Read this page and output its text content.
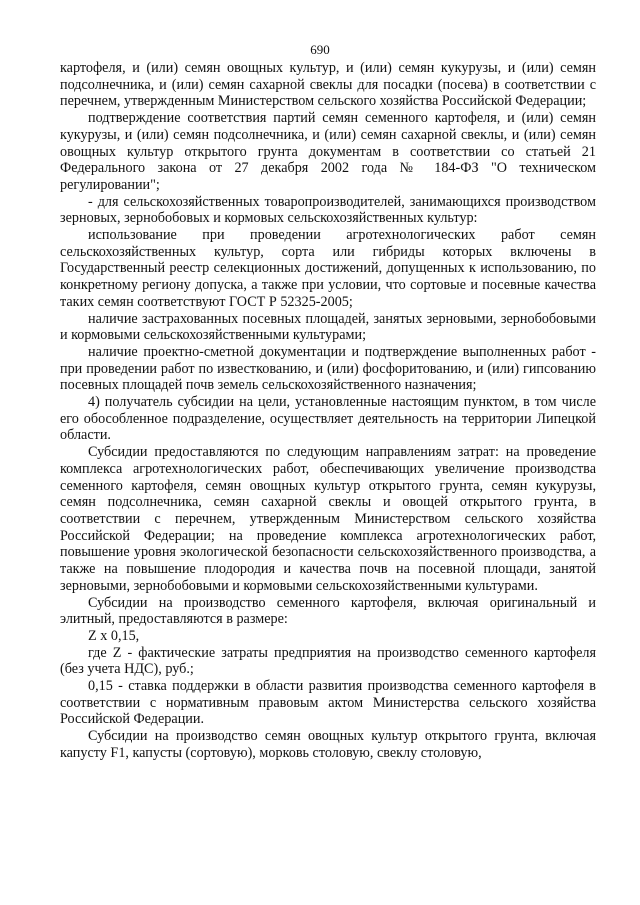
690

картофеля, и (или) семян овощных культур, и (или) семян кукурузы, и (или) семян подсолнечника, и (или) семян сахарной свеклы для посадки (посева) в соответствии с перечнем, утвержденным Министерством сельского хозяйства Российской Федерации;

подтверждение соответствия партий семян семенного картофеля, и (или) семян кукурузы, и (или) семян подсолнечника, и (или) семян сахарной свеклы, и (или) семян овощных культур открытого грунта документам в соответствии со статьей 21 Федерального закона от 27 декабря 2002 года № 184-ФЗ "О техническом регулировании";

- для сельскохозяйственных товаропроизводителей, занимающихся производством зерновых, зернобобовых и кормовых сельскохозяйственных культур:

использование при проведении агротехнологических работ семян сельскохозяйственных культур, сорта или гибриды которых включены в Государственный реестр селекционных достижений, допущенных к использованию, по конкретному региону допуска, а также при условии, что сортовые и посевные качества таких семян соответствуют ГОСТ Р 52325-2005;

наличие застрахованных посевных площадей, занятых зерновыми, зернобобовыми и кормовыми сельскохозяйственными культурами;

наличие проектно-сметной документации и подтверждение выполненных работ - при проведении работ по известкованию, и (или) фосфоритованию, и (или) гипсованию посевных площадей почв земель сельскохозяйственного назначения;

4) получатель субсидии на цели, установленные настоящим пунктом, в том числе его обособленное подразделение, осуществляет деятельность на территории Липецкой области.

Субсидии предоставляются по следующим направлениям затрат: на проведение комплекса агротехнологических работ, обеспечивающих увеличение производства семенного картофеля, семян овощных культур открытого грунта, семян кукурузы, семян подсолнечника, семян сахарной свеклы и овощей открытого грунта, в соответствии с перечнем, утвержденным Министерством сельского хозяйства Российской Федерации; на проведение комплекса агротехнологических работ, повышение уровня экологической безопасности сельскохозяйственного производства, а также на повышение плодородия и качества почв на посевной площади, занятой зерновыми, зернобобовыми и кормовыми сельскохозяйственными культурами.

Субсидии на производство семенного картофеля, включая оригинальный и элитный, предоставляются в размере:

Z x 0,15,

где Z - фактические затраты предприятия на производство семенного картофеля (без учета НДС), руб.;

0,15 - ставка поддержки в области развития производства семенного картофеля в соответствии с нормативным правовым актом Министерства сельского хозяйства Российской Федерации.

Субсидии на производство семян овощных культур открытого грунта, включая капусту F1, капусты (сортовую), морковь столовую, свеклу столовую,
